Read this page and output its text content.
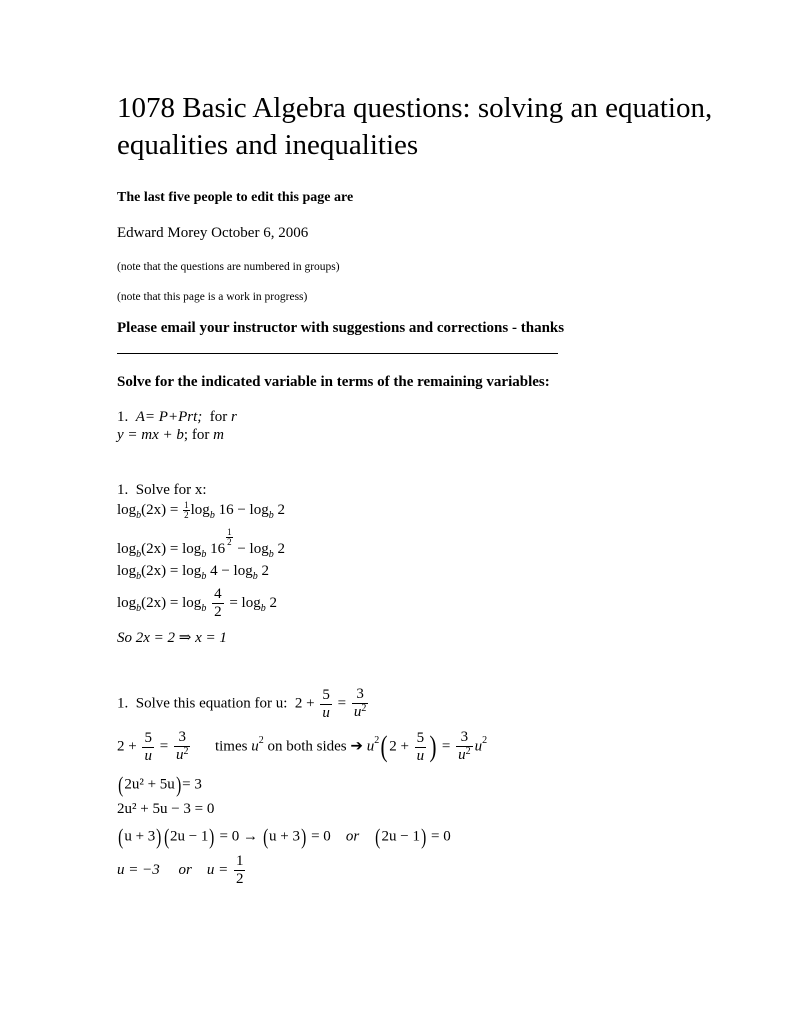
1078 Basic Algebra questions: solving an equation, equalities and inequalities
The last five people to edit this page are
Edward Morey October 6, 2006
(note that the questions are numbered in groups)
(note that this page is a work in progress)
Please email your instructor with suggestions and corrections - thanks
Solve for the indicated variable in terms of the remaining variables:
1. A= P+Prt; for r
y = mx + b; for m
1. Solve for x:
$\log_b(2x) = \frac{1}{2} \log_b 16 - \log_b 2$
$\log_b(2x) = \log_b 16$
$\frac{1}{2}$
− $\log_b 2$
$\log_b(2x) = \log_b 4 - \log_b 2$
$\log_b(2x) = \log_b \frac{4}{2} = \log_b 2$
So 2x = 2 ⇒ x = 1
1. Solve this equation for u: $2 + \frac{5}{u} = \frac{3}{u^2}$
$2 + \frac{5}{u} = \frac{3}{u^2}$ times $u^2$ on both sides ➔ $u^2$( $2 + \frac{5}{u}$ ) = $\frac{3}{u^2} u^2$
(2u² + 5u)= 3
2u² + 5u − 3 = 0
(u + 3)(2u − 1) = 0 → (u + 3) = 0 or (2u − 1) = 0
u = −3 or $u = \frac{1}{2}$
